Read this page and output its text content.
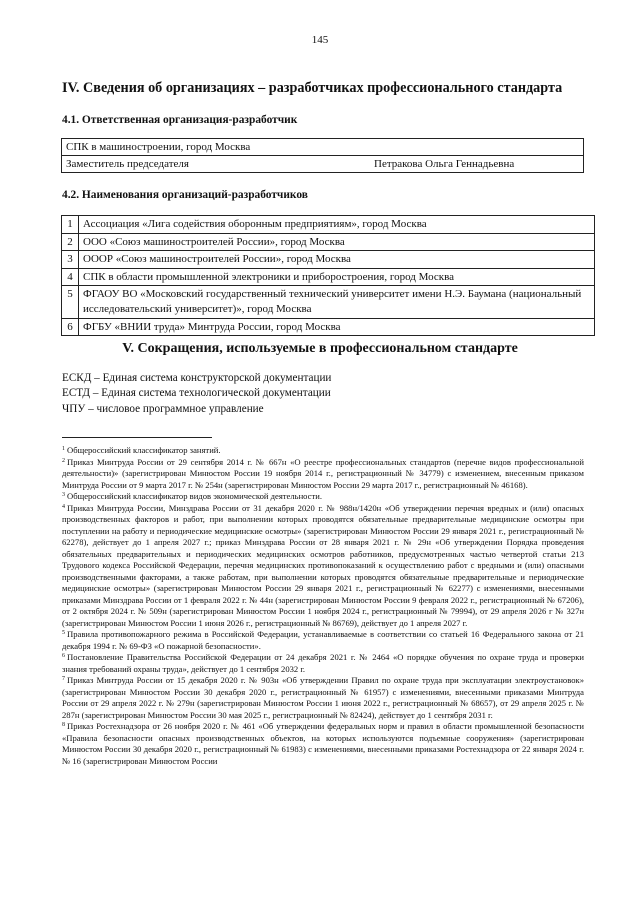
145
IV. Сведения об организациях – разработчиках профессионального стандарта
4.1. Ответственная организация-разработчик
СПК в машиностроении, город Москва
Заместитель председателя	Петракова Ольга Геннадьевна
4.2. Наименования организаций-разработчиков
1	Ассоциация «Лига содействия оборонным предприятиям», город Москва
2	ООО «Союз машиностроителей России», город Москва
3	ОООР «Союз машиностроителей России», город Москва
4	СПК в области промышленной электроники и приборостроения, город Москва
5	ФГАОУ ВО «Московский государственный технический университет имени Н.Э. Баумана (национальный исследовательский университет)», город Москва
6	ФГБУ «ВНИИ труда» Минтруда России, город Москва
V. Сокращения, используемые в профессиональном стандарте
ЕСКД – Единая система конструкторской документации
ЕСТД – Единая система технологической документации
ЧПУ – числовое программное управление

$^1$ Общероссийский классификатор занятий.

$^2$ Приказ Минтруда России от 29 сентября 2014 г. № 667н «О реестре профессиональных стандартов (перечне видов профессиональной деятельности)» (зарегистрирован Минюстом России 19 ноября 2014 г., регистрационный № 34779) с изменением, внесенным приказом Минтруда России от 9 марта 2017 г. № 254н (зарегистрирован Минюстом России 29 марта 2017 г., регистрационный № 46168).

$^3$ Общероссийский классификатор видов экономической деятельности.

$^4$ Приказ Минтруда России, Минздрава России от 31 декабря 2020 г. № 988н/1420н «Об утверждении перечня вредных и (или) опасных производственных факторов и работ, при выполнении которых проводятся обязательные предварительные медицинские осмотры при поступлении на работу и периодические медицинские осмотры» (зарегистрирован Минюстом России 29 января 2021 г., регистрационный № 62278), действует до 1 апреля 2027 г.; приказ Минздрава России от 28 января 2021 г. № 29н «Об утверждении Порядка проведения обязательных предварительных и периодических медицинских осмотров работников, предусмотренных частью четвертой статьи 213 Трудового кодекса Российской Федерации, перечня медицинских противопоказаний к осуществлению работ с вредными и (или) опасными производственными факторами, а также работам, при выполнении которых проводятся обязательные предварительные и периодические медицинские осмотры» (зарегистрирован Минюстом России 29 января 2021 г., регистрационный № 62277) с изменениями, внесенными приказами Минздрава России от 1 февраля 2022 г. № 44н (зарегистрирован Минюстом России 9 февраля 2022 г., регистрационный № 67206), от 2 октября 2024 г. № 509н (зарегистрирован Минюстом России 1 ноября 2024 г., регистрационный № 79994), от 29 апреля 2026 г № 327н (зарегистрирован Минюстом России 1 июня 2026 г., регистрационный № 86769), действует до 1 апреля 2027 г.

$^5$ Правила противопожарного режима в Российской Федерации, устанавливаемые в соответствии со статьей 16 Федерального закона от 21 декабря 1994 г. № 69-ФЗ «О пожарной безопасности».

$^6$ Постановление Правительства Российской Федерации от 24 декабря 2021 г. № 2464 «О порядке обучения по охране труда и проверки знания требований охраны труда», действует до 1 сентября 2032 г.

$^7$ Приказ Минтруда России от 15 декабря 2020 г. № 903н «Об утверждении Правил по охране труда при эксплуатации электроустановок» (зарегистрирован Минюстом России 30 декабря 2020 г., регистрационный № 61957) с изменениями, внесенными приказами Минтруда России от 29 апреля 2022 г. № 279н (зарегистрирован Минюстом России 1 июня 2022 г., регистрационный № 68657), от 29 апреля 2025 г. № 287н (зарегистрирован Минюстом России 30 мая 2025 г., регистрационный № 82424), действует до 1 сентября 2031 г.

$^8$ Приказ Ростехнадзора от 26 ноября 2020 г. № 461 «Об утверждении федеральных норм и правил в области промышленной безопасности «Правила безопасности опасных производственных объектов, на которых используются подъемные сооружения» (зарегистрирован Минюстом России 30 декабря 2020 г., регистрационный № 61983) с изменениями, внесенными приказами Ростехнадзора от 22 января 2024 г. № 16 (зарегистрирован Минюстом России
